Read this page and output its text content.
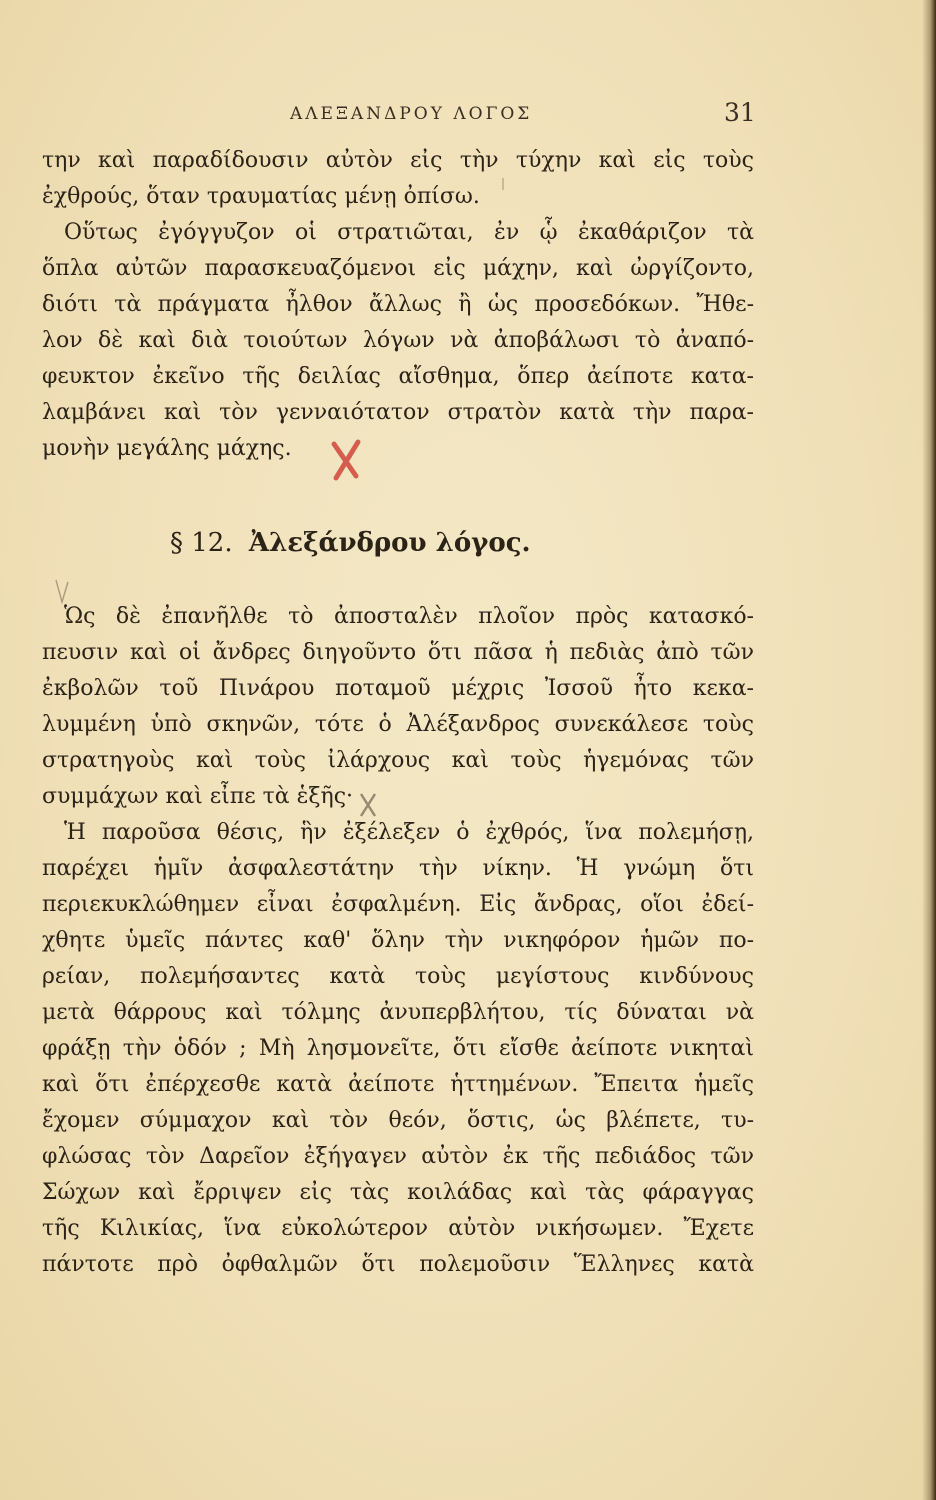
ΑΛΕΞΑΝΔΡΟΥ ΛΟΓΟΣ	31
την καὶ παραδίδουσιν αὐτὸν εἰς τὴν τύχην καὶ εἰς τοὺς
ἐχθρούς, ὅταν τραυματίας μένῃ ὀπίσω.
Οὕτως ἐγόγγυζον οἱ στρατιῶται, ἐν ᾧ ἐκαθάριζον τὰ
ὅπλα αὐτῶν παρασκευαζόμενοι εἰς μάχην, καὶ ὠργίζοντο,
διότι τὰ πράγματα ἦλθον ἄλλως ἢ ὡς προσεδόκων. Ἤθε-
λον δὲ καὶ διὰ τοιούτων λόγων νὰ ἀποβάλωσι τὸ ἀναπό-
φευκτον ἐκεῖνο τῆς δειλίας αἴσθημα, ὅπερ ἀείποτε κατα-
λαμβάνει καὶ τὸν γενναιότατον στρατὸν κατὰ τὴν παρα-
μονὴν μεγάλης μάχης.
§ 12. Ἀλεξάνδρου λόγος.
Ὡς δὲ ἐπανῆλθε τὸ ἀποσταλὲν πλοῖον πρὸς κατασκό-
πευσιν καὶ οἱ ἄνδρες διηγοῦντο ὅτι πᾶσα ἡ πεδιὰς ἀπὸ τῶν
ἐκβολῶν τοῦ Πινάρου ποταμοῦ μέχρις Ἰσσοῦ ἦτο κεκα-
λυμμένη ὑπὸ σκηνῶν, τότε ὁ Ἀλέξανδρος συνεκάλεσε τοὺς
στρατηγοὺς καὶ τοὺς ἰλάρχους καὶ τοὺς ἡγεμόνας τῶν
συμμάχων καὶ εἶπε τὰ ἑξῆς·
Ἡ παροῦσα θέσις, ἣν ἐξέλεξεν ὁ ἐχθρός, ἵνα πολεμήσῃ,
παρέχει ἡμῖν ἀσφαλεστάτην τὴν νίκην. Ἡ γνώμη ὅτι
περιεκυκλώθημεν εἶναι ἐσφαλμένη. Εἰς ἄνδρας, οἵοι ἐδεί-
χθητε ὑμεῖς πάντες καθ' ὅλην τὴν νικηφόρον ἡμῶν πο-
ρείαν, πολεμήσαντες κατὰ τοὺς μεγίστους κινδύνους
μετὰ θάρρους καὶ τόλμης ἀνυπερβλήτου, τίς δύναται νὰ
φράξῃ τὴν ὁδόν ; Μὴ λησμονεῖτε, ὅτι εἴσθε ἀείποτε νικηταὶ
καὶ ὅτι ἐπέρχεσθε κατὰ ἀείποτε ἡττημένων. Ἔπειτα ἡμεῖς
ἔχομεν σύμμαχον καὶ τὸν θεόν, ὅστις, ὡς βλέπετε, τυ-
φλώσας τὸν Δαρεῖον ἐξήγαγεν αὐτὸν ἐκ τῆς πεδιάδος τῶν
Σώχων καὶ ἔρριψεν εἰς τὰς κοιλάδας καὶ τὰς φάραγγας
τῆς Κιλικίας, ἵνα εὐκολώτερον αὐτὸν νικήσωμεν. Ἔχετε
πάντοτε πρὸ ὀφθαλμῶν ὅτι πολεμοῦσιν Ἕλληνες κατὰ
